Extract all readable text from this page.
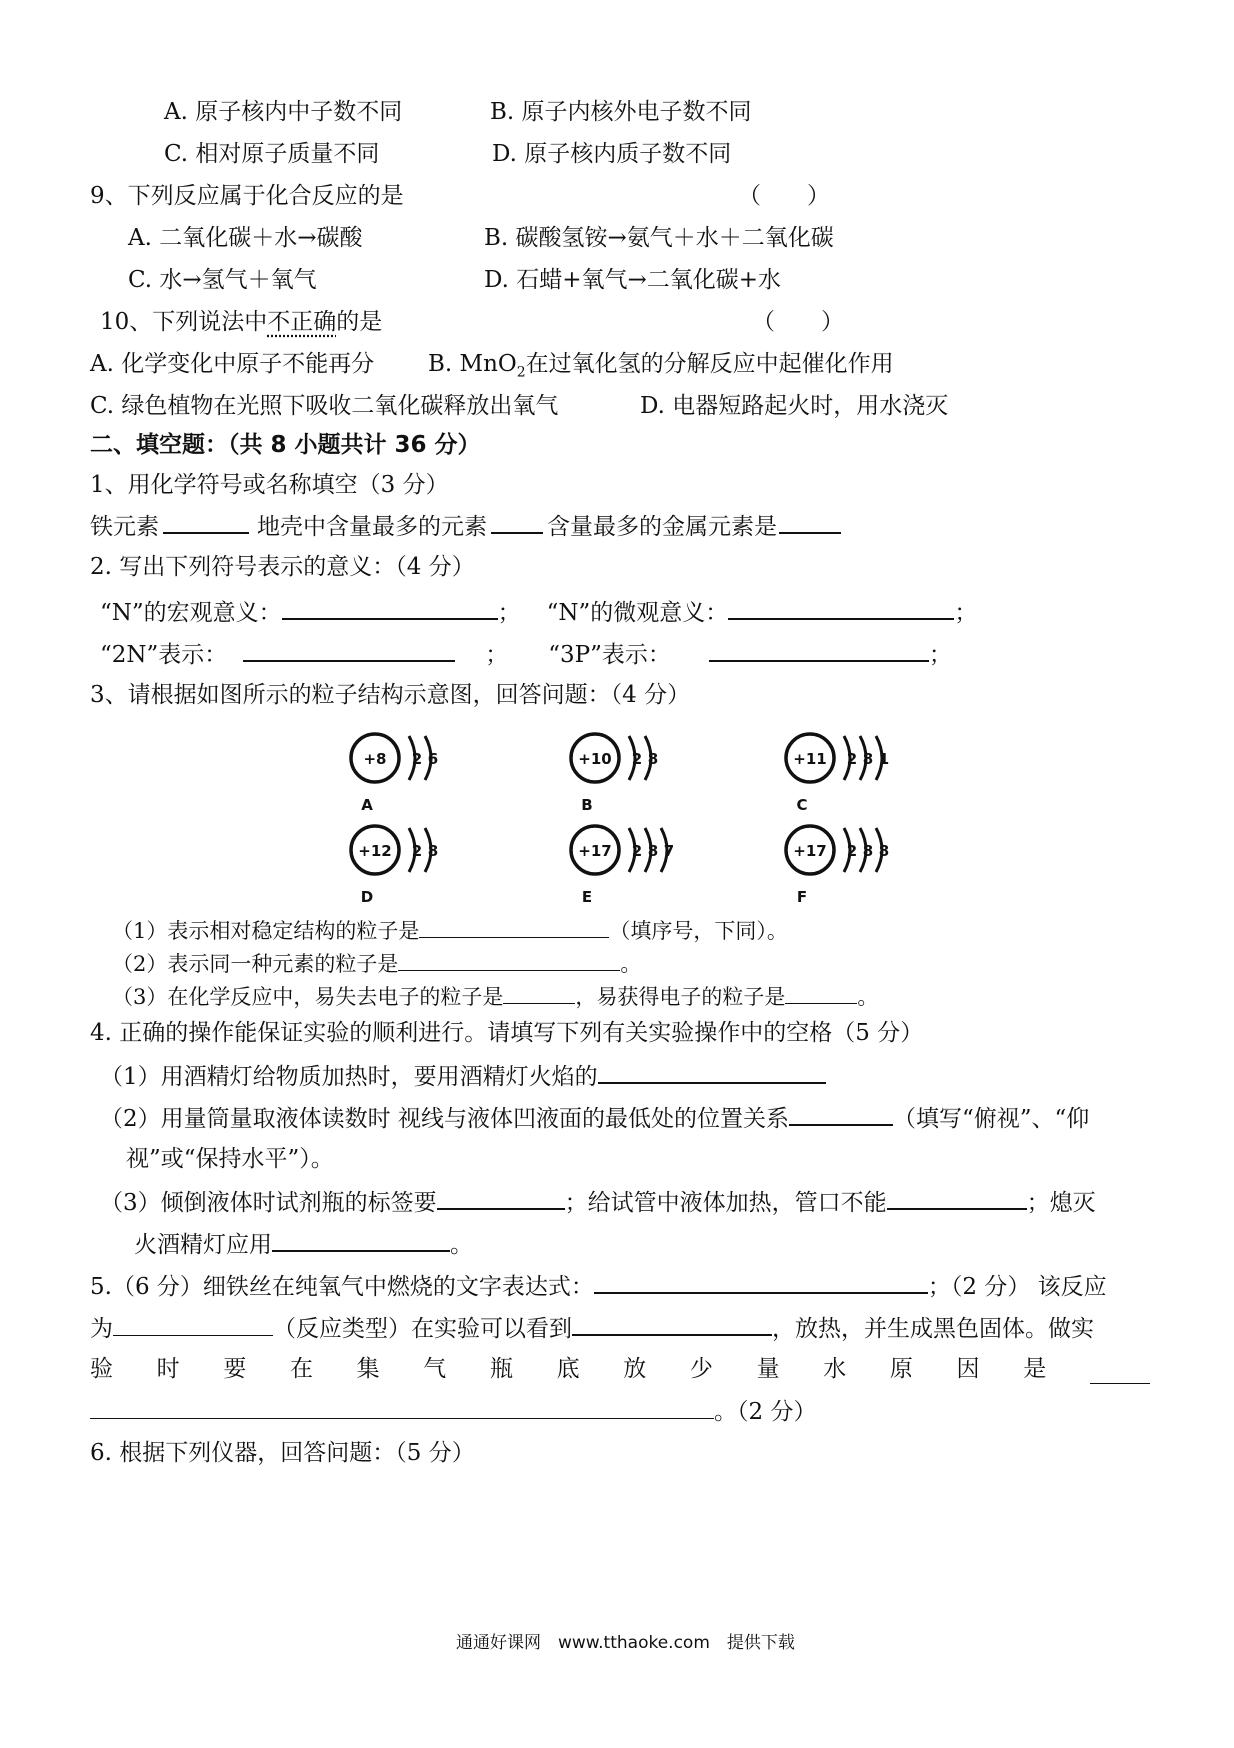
A. 原子核内中子数不同	B. 原子内核外电子数不同
C. 相对原子质量不同	D. 原子核内质子数不同
9、下列反应属于化合反应的是	（　　）
A. 二氧化碳＋水→碳酸	B. 碳酸氢铵→氨气＋水＋二氧化碳
C. 水→氢气＋氧气	D. 石蜡+氧气→二氧化碳+水
10、下列说法中不正确的是	（　　）
A. 化学变化中原子不能再分 B. MnO$_2$在过氧化氢的分解反应中起催化作用
C. 绿色植物在光照下吸收二氧化碳释放出氧气	D. 电器短路起火时，用水浇灭
二、填空题：（共 8 小题共计 36 分）
1、用化学符号或名称填空（3 分）
铁元素	地壳中含量最多的元素	含量最多的金属元素是
2. 写出下列符号表示的意义：（4 分）
“N”的宏观意义：	； “N”的微观意义：	；
“2N”表示：	； “3P”表示：	；
3、请根据如图所示的粒子结构示意图，回答问题：（4 分）
+8 2 6
A
+10 2 8
B
+11 2 8 1
C
+12 2 8
D
+17 2 8 7
E
+17 2 8 8
F
（1）表示相对稳定结构的粒子是	（填序号，下同）。
（2）表示同一种元素的粒子是	。
（3）在化学反应中，易失去电子的粒子是	，易获得电子的粒子是	。
4. 正确的操作能保证实验的顺利进行。请填写下列有关实验操作中的空格（5 分）
（1）用酒精灯给物质加热时，要用酒精灯火焰的
（2）用量筒量取液体读数时 视线与液体凹液面的最低处的位置关系	（填写“俯视”、“仰
视”或“保持水平”）。
（3）倾倒液体时试剂瓶的标签要	；给试管中液体加热，管口不能	；熄灭
火酒精灯应用	。
5.（6 分）细铁丝在纯氧气中燃烧的文字表达式：	；（2 分） 该反应
为	（反应类型）在实验可以看到	，放热，并生成黑色固体。做实
验 时 要 在 集 气 瓶 底 放 少 量 水 原 因 是
。（2 分）
6. 根据下列仪器，回答问题：（5 分）
通通好课网　www.tthaoke.com　提供下载
